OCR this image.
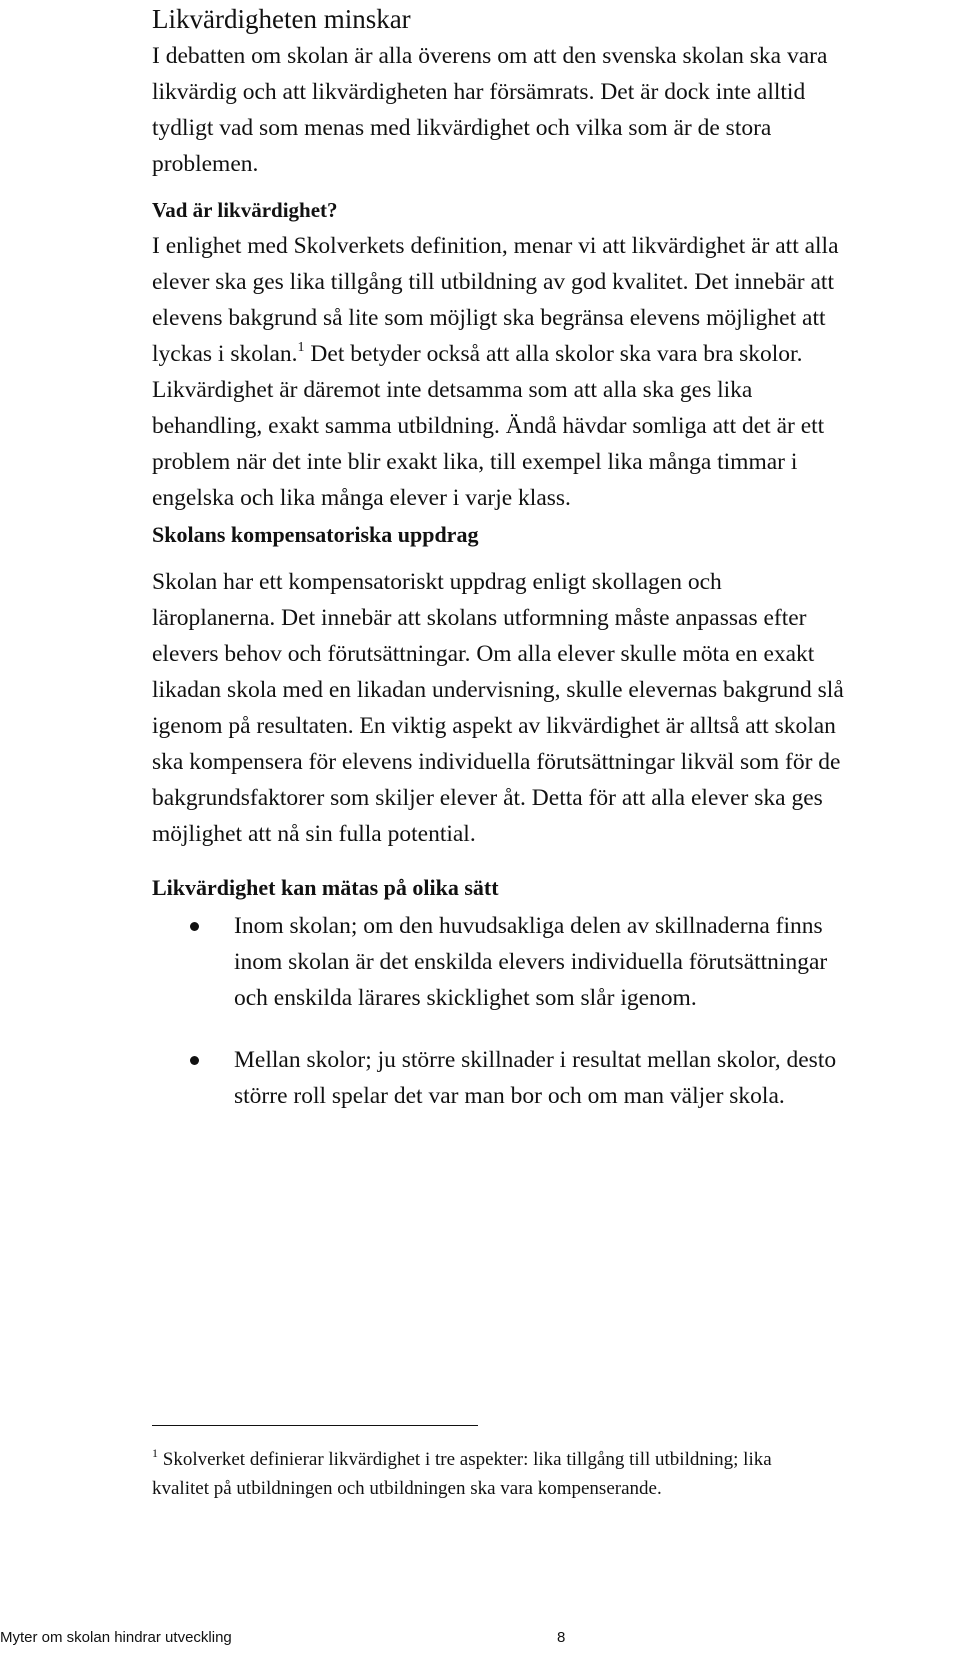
Likvärdigheten minskar

I debatten om skolan är alla överens om att den svenska skolan ska vara
likvärdig och att likvärdigheten har försämrats. Det är dock inte alltid
tydligt vad som menas med likvärdighet och vilka som är de stora
problemen.

Vad är likvärdighet?

I enlighet med Skolverkets definition, menar vi att likvärdighet är att alla
elever ska ges lika tillgång till utbildning av god kvalitet. Det innebär att
elevens bakgrund så lite som möjligt ska begränsa elevens möjlighet att
lyckas i skolan.$^1$ Det betyder också att alla skolor ska vara bra skolor.
Likvärdighet är däremot inte detsamma som att alla ska ges lika
behandling, exakt samma utbildning. Ändå hävdar somliga att det är ett
problem när det inte blir exakt lika, till exempel lika många timmar i
engelska och lika många elever i varje klass.

Skolans kompensatoriska uppdrag

Skolan har ett kompensatoriskt uppdrag enligt skollagen och
läroplanerna. Det innebär att skolans utformning måste anpassas efter
elevers behov och förutsättningar. Om alla elever skulle möta en exakt
likadan skola med en likadan undervisning, skulle elevernas bakgrund slå
igenom på resultaten. En viktig aspekt av likvärdighet är alltså att skolan
ska kompensera för elevens individuella förutsättningar likväl som för de
bakgrundsfaktorer som skiljer elever åt. Detta för att alla elever ska ges
möjlighet att nå sin fulla potential.

Likvärdighet kan mätas på olika sätt
Inom skolan; om den huvudsakliga delen av skillnaderna finns
inom skolan är det enskilda elevers individuella förutsättningar
och enskilda lärares skicklighet som slår igenom.
Mellan skolor; ju större skillnader i resultat mellan skolor, desto
större roll spelar det var man bor och om man väljer skola.

$^1$ Skolverket definierar likvärdighet i tre aspekter: lika tillgång till utbildning; lika
kvalitet på utbildningen och utbildningen ska vara kompenserande.

Myter om skolan hindrar utveckling	8
